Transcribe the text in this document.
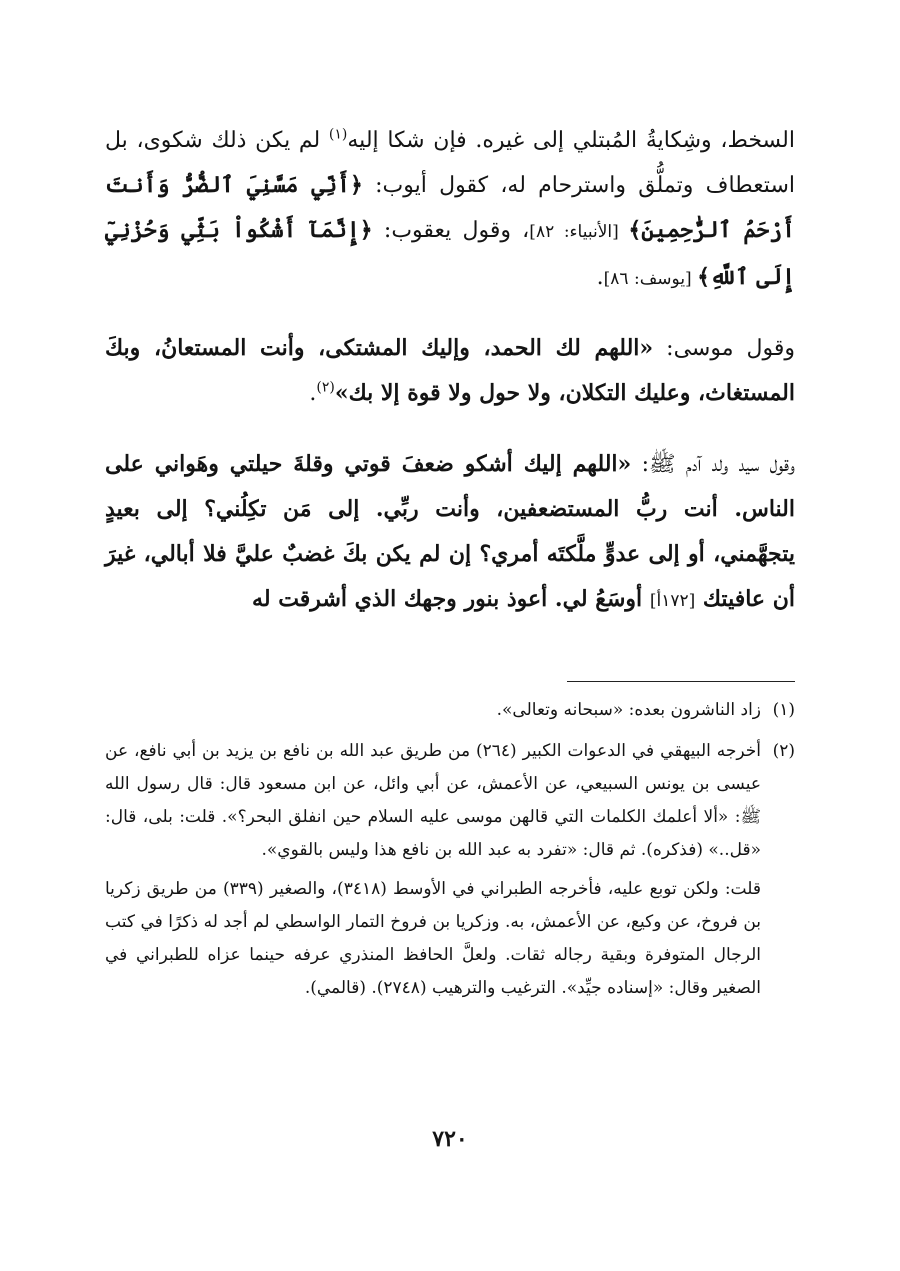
السخط، وشِكايةُ المُبتلي إلى غيره. فإن شكا إليه$^{(١)}$ لم يكن ذلك شكوى، بل استعطاف وتملُّق واسترحام له، كقول أيوب: ﴿أَنِّي مَسَّنِيَ ٱلضُّرُّ وَأَنتَ أَرْحَمُ ٱلرَّٰحِمِينَ﴾ [الأنبياء: ٨٢]، وقول يعقوب: ﴿إِنَّمَآ أَشْكُواْ بَثِّي وَحُزْنِيٓ إِلَى ٱللَّهِ﴾ [يوسف: ٨٦].

وقول موسى: «اللهم لك الحمد، وإليك المشتكى، وأنت المستعانُ، وبكَ المستغاث، وعليك التكلان، ولا حول ولا قوة إلا بك»$^{(٢)}$.

وقول سيد ولد آدم ﷺ: «اللهم إليك أشكو ضعفَ قوتي وقلةَ حيلتي وهَواني على الناس. أنت ربُّ المستضعفين، وأنت ربِّي. إلى مَن تكِلُني؟ إلى بعيدٍ يتجهَّمني، أو إلى عدوٍّ ملَّكتَه أمري؟ إن لم يكن بكَ غضبٌ عليَّ فلا أبالي، غيرَ أن عافيتك [١٧٢أ] أوسَعُ لي. أعوذ بنور وجهك الذي أشرقت له

(١)
زاد الناشرون بعده: «سبحانه وتعالى».
(٢)
أخرجه البيهقي في الدعوات الكبير (٢٦٤) من طريق عبد الله بن نافع بن يزيد بن أبي نافع، عن عيسى بن يونس السبيعي، عن الأعمش، عن أبي وائل، عن ابن مسعود قال: قال رسول الله ﷺ: «ألا أعلمك الكلمات التي قالهن موسى عليه السلام حين انفلق البحر؟». قلت: بلى، قال: «قل..» (فذكره). ثم قال: «تفرد به عبد الله بن نافع هذا وليس بالقوي».

قلت: ولكن توبع عليه، فأخرجه الطبراني في الأوسط (٣٤١٨)، والصغير (٣٣٩) من طريق زكريا بن فروخ، عن وكيع، عن الأعمش، به. وزكريا بن فروخ التمار الواسطي لم أجد له ذكرًا في كتب الرجال المتوفرة وبقية رجاله ثقات. ولعلَّ الحافظ المنذري عرفه حينما عزاه للطبراني في الصغير وقال: «إسناده جيِّد». الترغيب والترهيب (٢٧٤٨). (قالمي).

٧٢٠
